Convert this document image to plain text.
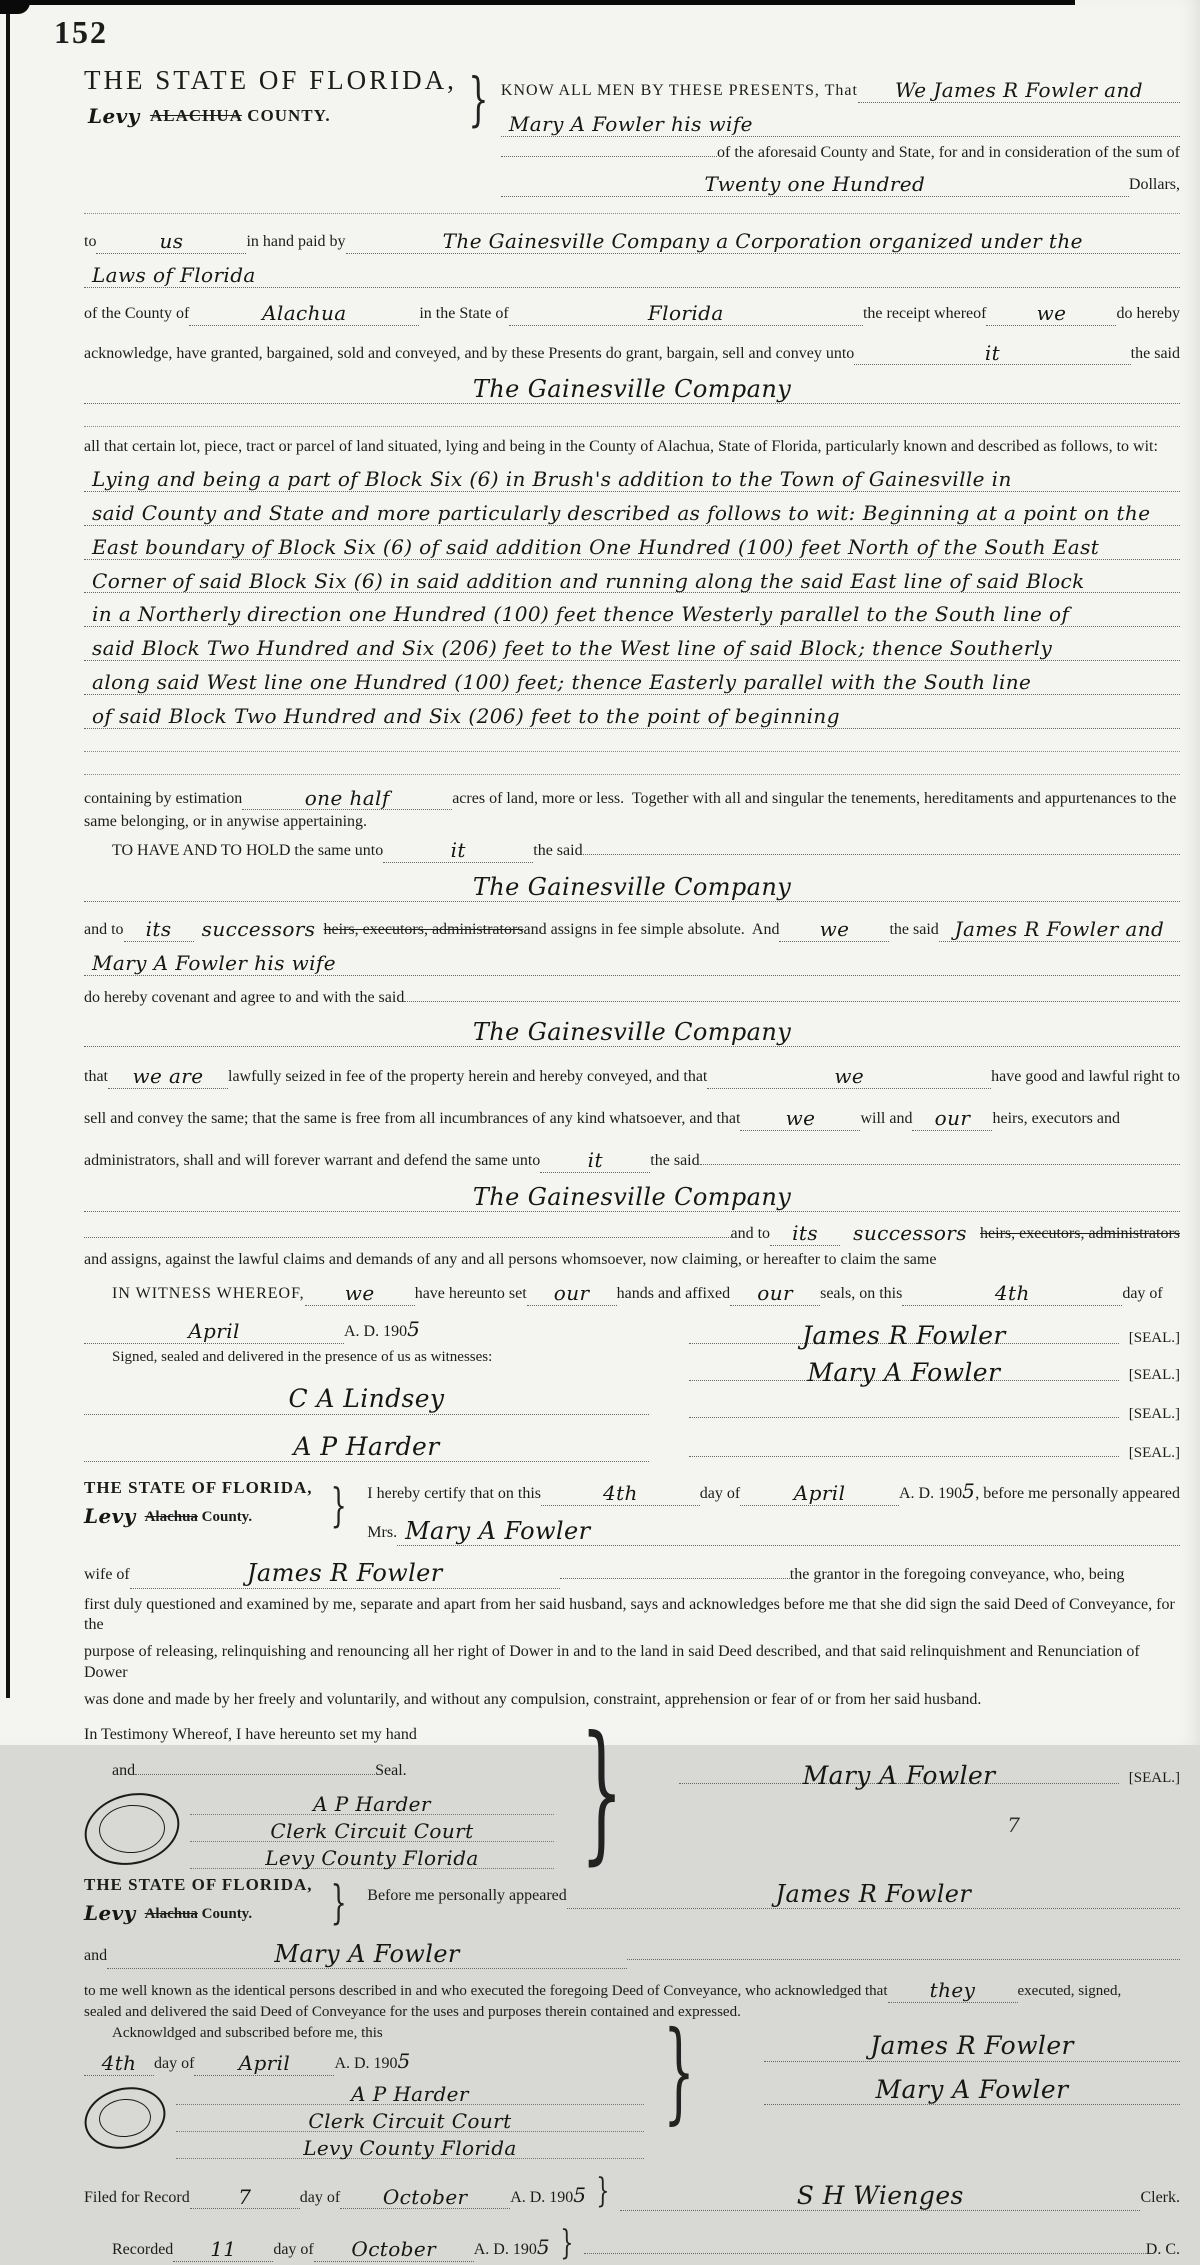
152
THE STATE OF FLORIDA,
Levy ALACHUA COUNTY.	} KNOW ALL MEN BY THESE PRESENTS, That	We James R Fowler and
Mary A Fowler his wife
of the aforesaid County and State, for and in consideration of the sum of
Twenty one Hundred	Dollars,
to	us	in hand paid by	The Gainesville Company a Corporation organized under the
Laws of Florida
of the County of	Alachua	in the State of	Florida	the receipt whereof	we	do hereby
acknowledge, have granted, bargained, sold and conveyed, and by these Presents do grant, bargain, sell and convey unto	it	the said
The Gainesville Company
all that certain lot, piece, tract or parcel of land situated, lying and being in the County of Alachua, State of Florida, particularly known and described as follows, to wit:
Lying and being a part of Block Six (6) in Brush's addition to the Town of Gainesville in
said County and State and more particularly described as follows to wit: Beginning at a point on the
East boundary of Block Six (6) of said addition One Hundred (100) feet North of the South East
Corner of said Block Six (6) in said addition and running along the said East line of said Block
in a Northerly direction one Hundred (100) feet thence Westerly parallel to the South line of
said Block Two Hundred and Six (206) feet to the West line of said Block; thence Southerly
along said West line one Hundred (100) feet; thence Easterly parallel with the South line
of said Block Two Hundred and Six (206) feet to the point of beginning
containing by estimation	one half	acres of land, more or less.  Together with all and singular the tenements, hereditaments and appurtenances to the
same belonging, or in anywise appertaining.
TO HAVE AND TO HOLD the same unto	it	the said
The Gainesville Company
and to	its	successors heirs, executors, administrators and assigns in fee simple absolute.  And	we	the said James R Fowler and
Mary A Fowler his wife
do hereby covenant and agree to and with the said
The Gainesville Company
that	we are	lawfully seized in fee of the property herein and hereby conveyed, and that	we	have good and lawful right to
sell and convey the same; that the same is free from all incumbrances of any kind whatsoever, and that	we	will and	our	heirs, executors and
administrators, shall and will forever warrant and defend the same unto	it	the said
The Gainesville Company
and to	its	successors heirs, executors, administrators
and assigns, against the lawful claims and demands of any and all persons whomsoever, now claiming, or hereafter to claim the same
IN WITNESS WHEREOF,	we	have hereunto set	our	hands and affixed	our	seals, on this	4th	day of
April	A. D. 190 5
Signed, sealed and delivered in the presence of us as witnesses:
C A Lindsey
A P Harder
James R Fowler	[SEAL.]
Mary A Fowler	[SEAL.]
[SEAL.]
[SEAL.]
THE STATE OF FLORIDA,
Levy Alachua County.	} I hereby certify that on this	4th	day of	April	A. D. 190 5 , before me personally appeared
Mrs. Mary A Fowler
wife of	James R Fowler	the grantor in the foregoing conveyance, who, being
first duly questioned and examined by me, separate and apart from her said husband, says and acknowledges before me that she did sign the said Deed of Conveyance, for the
purpose of releasing, relinquishing and renouncing all her right of Dower in and to the land in said Deed described, and that said relinquishment and Renunciation of Dower
was done and made by her freely and voluntarily, and without any compulsion, constraint, apprehension or fear of or from her said husband.
In Testimony Whereof, I have hereunto set my hand
and	Seal.
A P Harder
Clerk Circuit Court
Levy County Florida }	Mary A Fowler	[SEAL.]
7
THE STATE OF FLORIDA,
Levy Alachua County.	} Before me personally appeared	James R Fowler
and	Mary A Fowler
to me well known as the identical persons described in and who executed the foregoing Deed of Conveyance, who acknowledged that	they	executed, signed,
sealed and delivered the said Deed of Conveyance for the uses and purposes therein contained and expressed.
Acknowldged and subscribed before me, this
4th	day of	April	A. D. 190 5
A P Harder
Clerk Circuit Court
Levy County Florida
}	James R Fowler
Mary A Fowler
Filed for Record	7	day of	October	A. D. 190 5 }	S H Wienges	Clerk.
Recorded	11	day of	October	A. D. 190 5 }	D. C.
